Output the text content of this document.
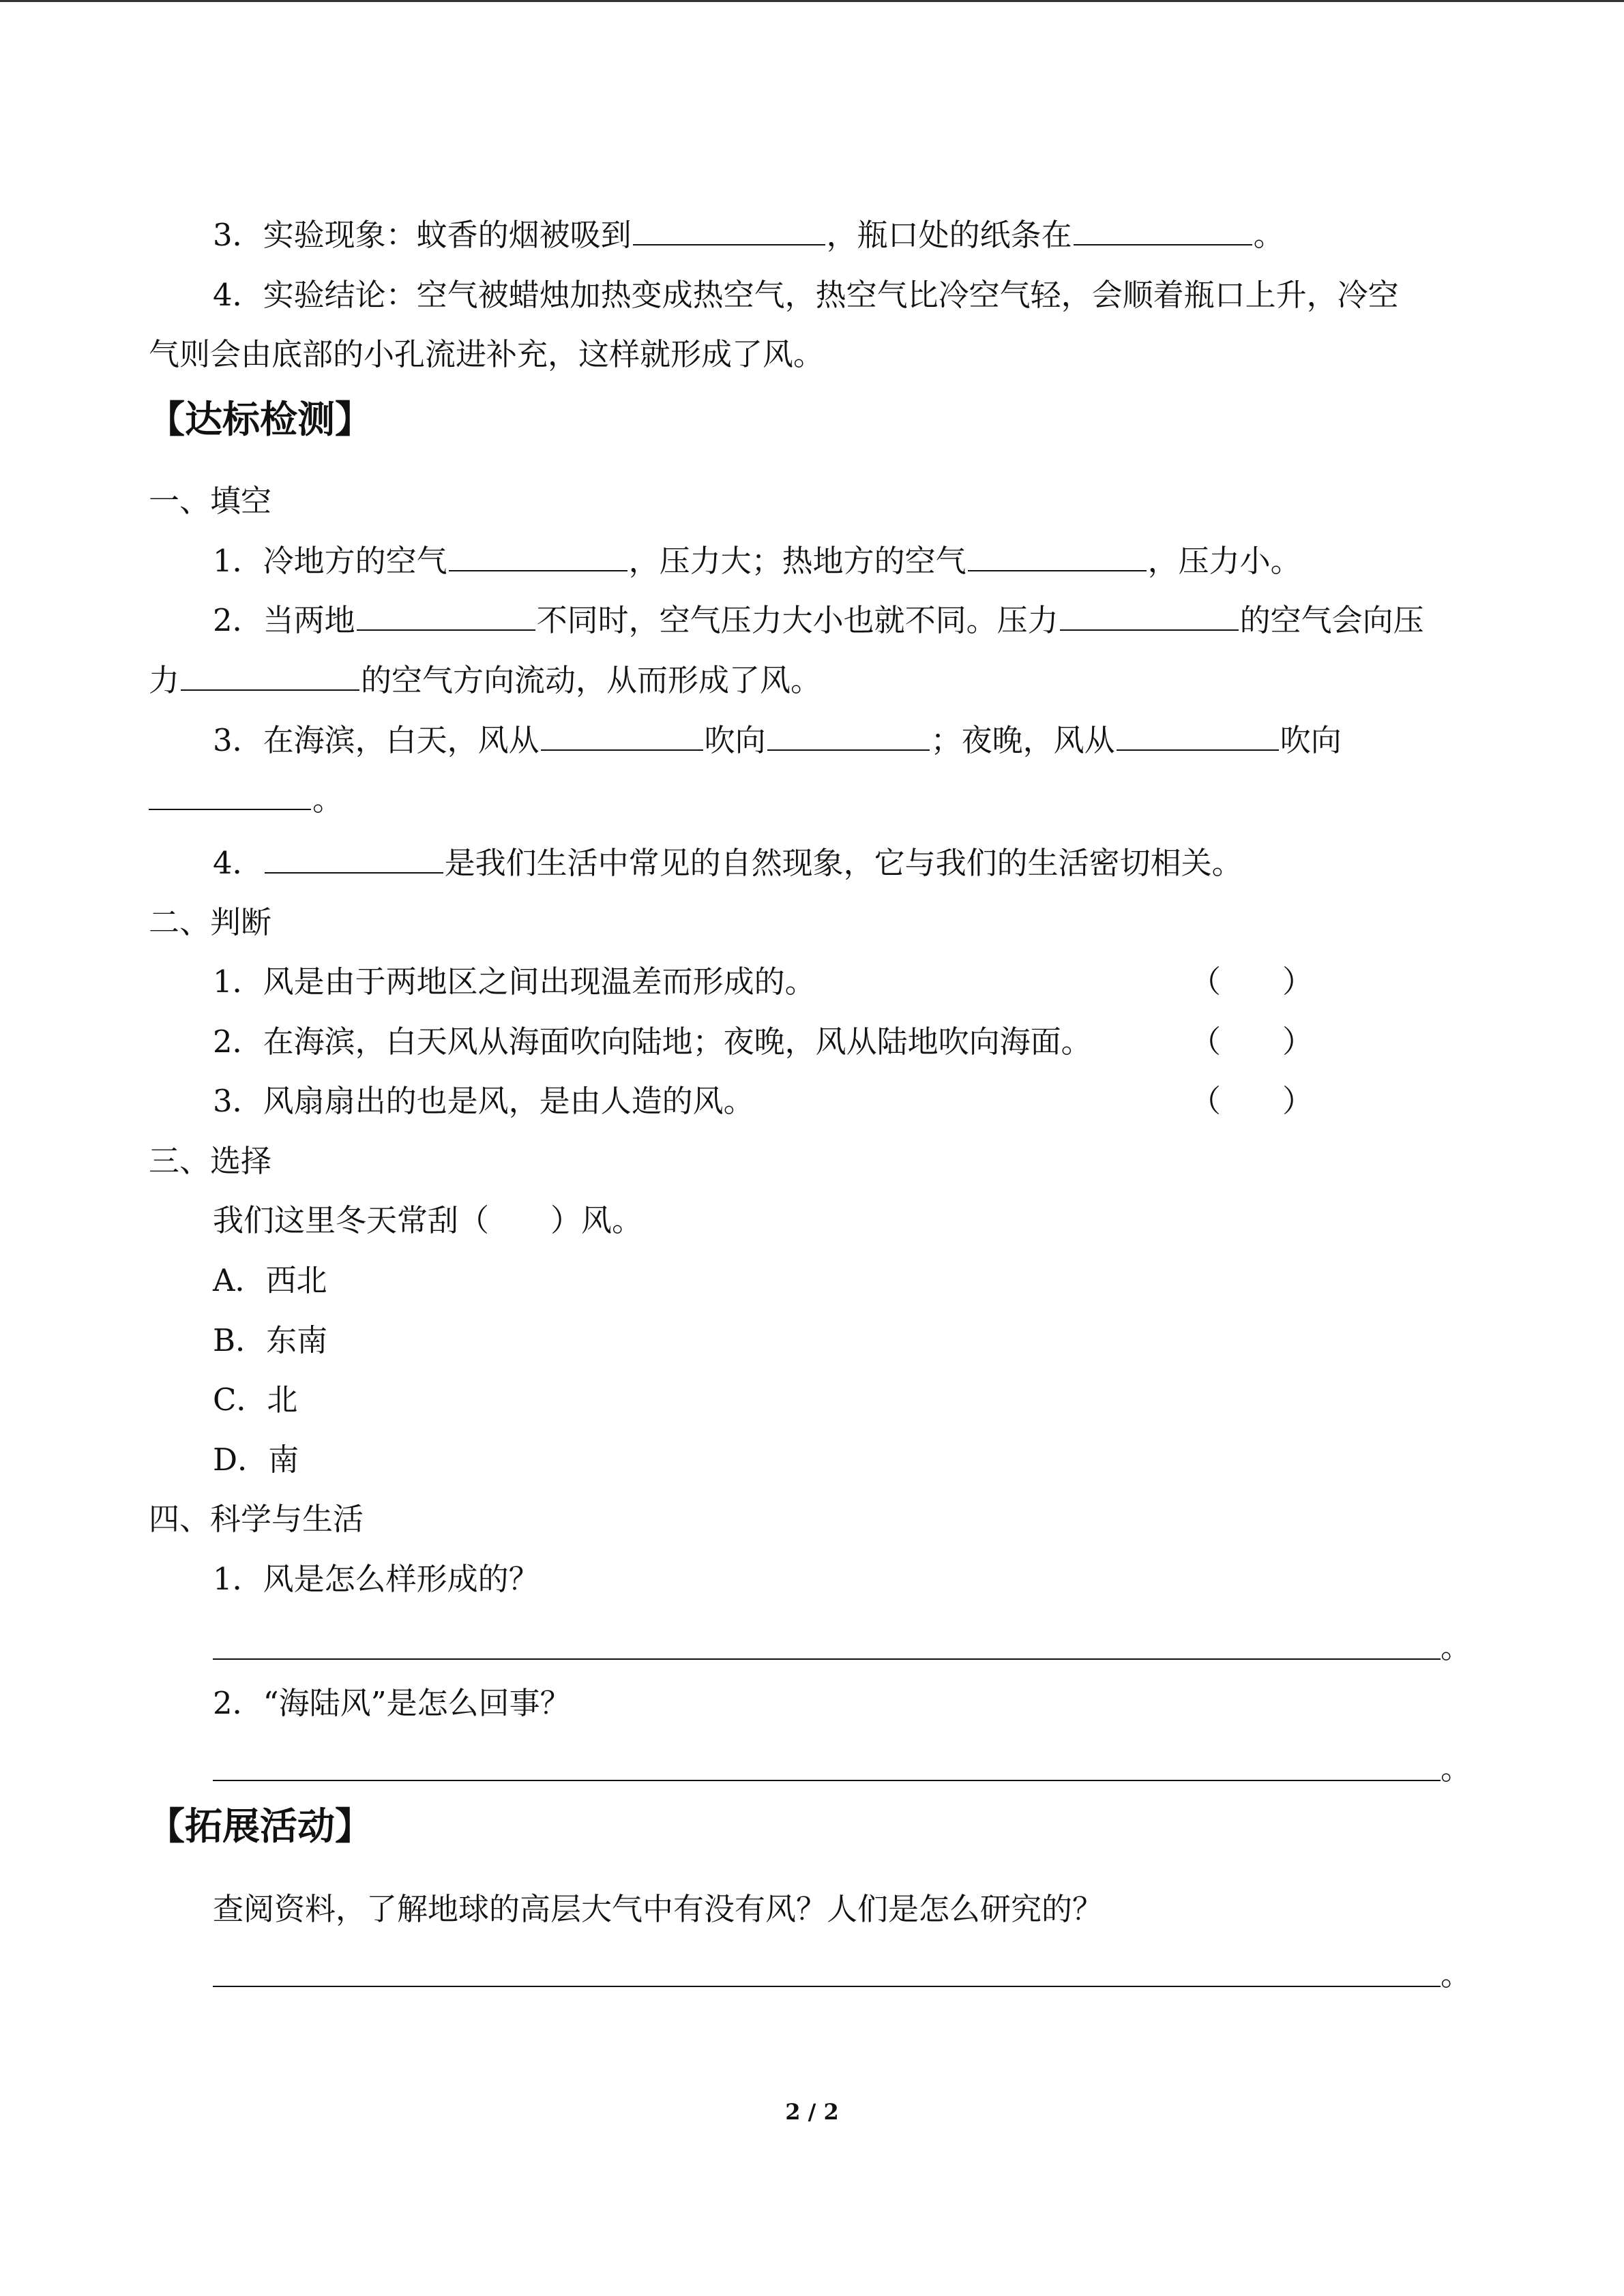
3．实验现象：蚊香的烟被吸到	，瓶口处的纸条在	。
4．实验结论：空气被蜡烛加热变成热空气，热空气比冷空气轻，会顺着瓶口上升，冷空
气则会由底部的小孔流进补充，这样就形成了风。
【达标检测】
一、填空
1．冷地方的空气	，压力大；热地方的空气	，压力小。
2．当两地	不同时，空气压力大小也就不同。压力	的空气会向压
力	的空气方向流动，从而形成了风。
3．在海滨，白天，风从	吹向	；夜晚，风从	吹向
。
4．	是我们生活中常见的自然现象，它与我们的生活密切相关。
二、判断
1．风是由于两地区之间出现温差而形成的。	（　　）
2．在海滨，白天风从海面吹向陆地；夜晚，风从陆地吹向海面。	（　　）
3．风扇扇出的也是风，是由人造的风。	（　　）
三、选择
我们这里冬天常刮（　　）风。
A．西北
B．东南
C．北
D．南
四、科学与生活
1．风是怎么样形成的？
。
2．“海陆风”是怎么回事？
。
【拓展活动】
查阅资料，了解地球的高层大气中有没有风？人们是怎么研究的？
。
2 / 2
